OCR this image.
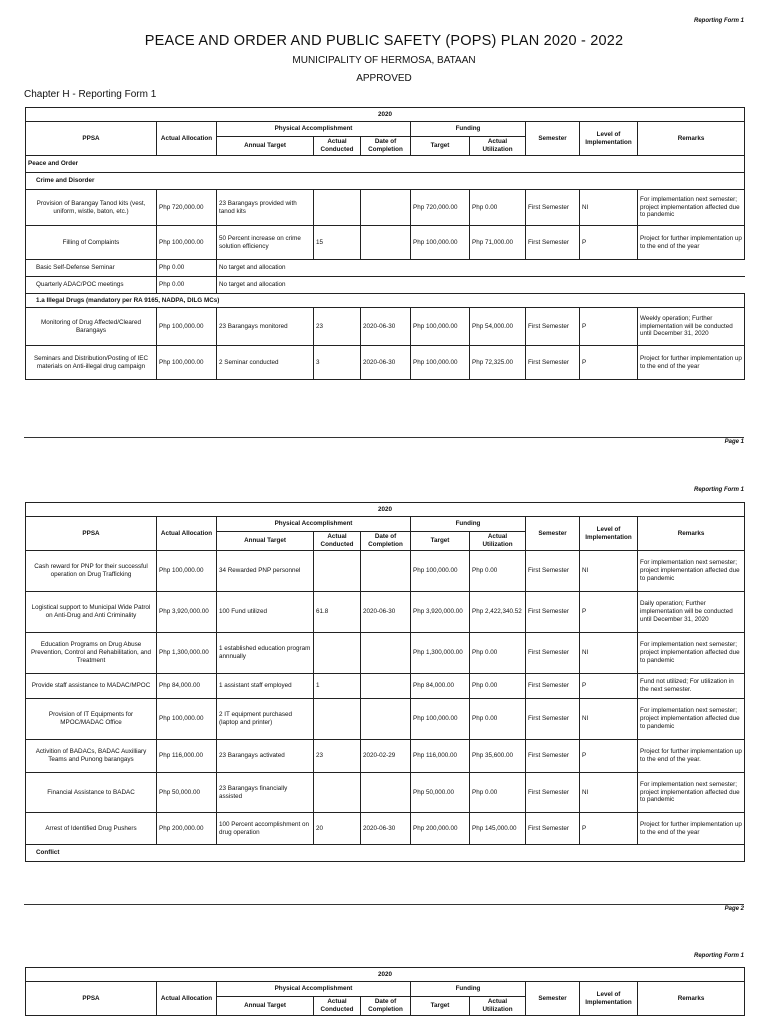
Reporting Form 1
PEACE AND ORDER AND PUBLIC SAFETY (POPS) PLAN 2020 - 2022
MUNICIPALITY OF HERMOSA, BATAAN
APPROVED
Chapter H - Reporting Form 1
2020									
PPSA	Actual Allocation	Physical Accomplishment			Funding		Semester	Level of Implementation	Remarks
		Annual Target	Actual Conducted	Date of Completion	Target	Actual Utilization			
Peace and Order									
Crime and Disorder									
Provision of Barangay Tanod kits (vest, uniform, wistle, baton, etc.)	Php 720,000.00	23 Barangays provided with tanod kits			Php 720,000.00	Php 0.00	First Semester	NI	For implementation next semester; project implementation affected due to pandemic
Filling of Complaints	Php 100,000.00	50 Percent increase on crime solution efficiency	15		Php 100,000.00	Php 71,000.00	First Semester	P	Project for further implementation up to the end of the year
Basic Self-Defense Seminar	Php 0.00	No target and allocation							
Quarterly ADAC/POC meetings	Php 0.00	No target and allocation							
1.a Illegal Drugs (mandatory per RA 9165, NADPA, DILG MCs)									
Monitoring of Drug Affected/Cleared Barangays	Php 100,000.00	23 Barangays monitored	23	2020-06-30	Php 100,000.00	Php 54,000.00	First Semester	P	Weekly operation; Further implementation will be conducted until December 31, 2020
Seminars and Distribution/Posting of IEC materials on Anti-illegal drug campaign	Php 100,000.00	2 Seminar conducted	3	2020-06-30	Php 100,000.00	Php 72,325.00	First Semester	P	Project for further implementation up to the end of the year
Page 1
Reporting Form 1
2020									
PPSA	Actual Allocation	Physical Accomplishment			Funding		Semester	Level of Implementation	Remarks
		Annual Target	Actual Conducted	Date of Completion	Target	Actual Utilization			
Cash reward for PNP for their successful operation on Drug Trafficking	Php 100,000.00	34 Rewarded PNP personnel			Php 100,000.00	Php 0.00	First Semester	NI	For implementation next semester; project implementation affected due to pandemic
Logistical support to Municipal Wide Patrol on Anti-Drug and Anti Criminality	Php 3,920,000.00	100 Fund utilized	61.8	2020-06-30	Php 3,920,000.00	Php 2,422,340.52	First Semester	P	Daily operation; Further implementation will be conducted until December 31, 2020
Education Programs on Drug Abuse Prevention, Control and Rehabilitation, and Treatment	Php 1,300,000.00	1 established education program annnually			Php 1,300,000.00	Php 0.00	First Semester	NI	For implementation next semester; project implementation affected due to pandemic
Provide staff assistance to MADAC/MPOC	Php 84,000.00	1 assistant staff employed	1		Php 84,000.00	Php 0.00	First Semester	P	Fund not utilized; For utilization in the next semester.
Provision of IT Equipments for MPOC/MADAC Office	Php 100,000.00	2 IT equipment purchased (laptop and printer)			Php 100,000.00	Php 0.00	First Semester	NI	For implementation next semester; project implementation affected due to pandemic
Activition of BADACs, BADAC Auxilliary Teams and Punong barangays	Php 116,000.00	23 Barangays activated	23	2020-02-29	Php 116,000.00	Php 35,600.00	First Semester	P	Project for further implementation up to the end of the year.
Financial Assistance to BADAC	Php 50,000.00	23 Barangays financially assisted			Php 50,000.00	Php 0.00	First Semester	NI	For implementation next semester; project implementation affected due to pandemic
Arrest of Identified Drug Pushers	Php 200,000.00	100 Percent accomplishment on drug operation	20	2020-06-30	Php 200,000.00	Php 145,000.00	First Semester	P	Project for further implementation up to the end of the year
Conflict									
Page 2
Reporting Form 1
2020									
PPSA	Actual Allocation	Physical Accomplishment			Funding		Semester	Level of Implementation	Remarks
		Annual Target	Actual Conducted	Date of Completion	Target	Actual Utilization			
